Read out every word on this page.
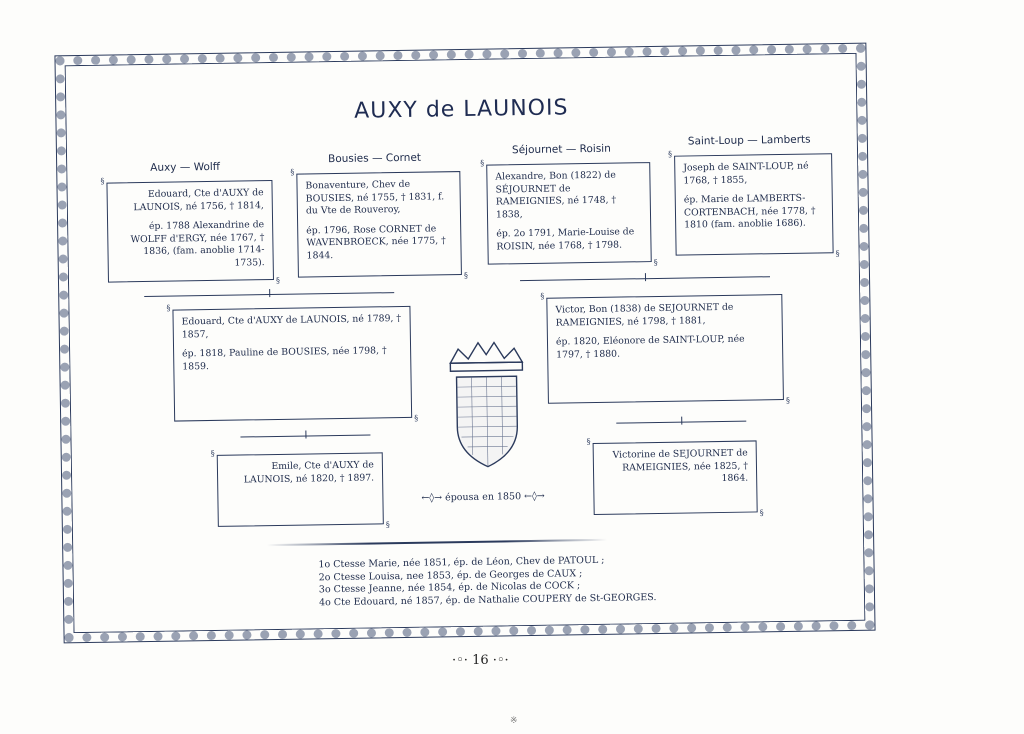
AUXY de LAUNOIS
Auxy — Wolff
Bousies — Cornet
Séjournet — Roisin
Saint-Loup — Lamberts

§ Edouard, Cte d'AUXY de LAUNOIS, né 1756, † 1814,

ép. 1788 Alexandrine de WOLFF d'ERGY, née 1767, † 1836, (fam. anoblie 1714-1735).

§

§ Bonaventure, Chev de BOUSIES, né 1755, † 1831, f. du Vte de Rouveroy,

ép. 1796, Rose CORNET de WAVENBROECK, née 1775, † 1844.

§

§ Alexandre, Bon (1822) de SÉJOURNET de RAMEIGNIES, né 1748, † 1838,

ép. 2o 1791, Marie-Louise de ROISIN, née 1768, † 1798.

§

§ Joseph de SAINT-LOUP, né 1768, † 1855,

ép. Marie de LAMBERTS-CORTENBACH, née 1778, † 1810 (fam. anoblie 1686).

§

§ Edouard, Cte d'AUXY de LAUNOIS, né 1789, † 1857,

ép. 1818, Pauline de BOUSIES, née 1798, † 1859.

§

§ Victor, Bon (1838) de SEJOURNET de RAMEIGNIES, né 1798, † 1881,

ép. 1820, Eléonore de SAINT-LOUP, née 1797, † 1880.

§

§ Emile, Cte d'AUXY de LAUNOIS, né 1820, † 1897.

§

§ Victorine de SEJOURNET de RAMEIGNIES, née 1825, † 1864.

§
←◊→ épousa en 1850 ←◊→
1o Ctesse Marie, née 1851, ép. de Léon, Chev de PATOUL ;
2o Ctesse Louisa, nee 1853, ép. de Georges de CAUX ;
3o Ctesse Jeanne, née 1854, ép. de Nicolas de COCK ;
4o Cte Edouard, né 1857, ép. de Nathalie COUPERY de St-GEORGES.
·◦· 16 ·◦·
※
